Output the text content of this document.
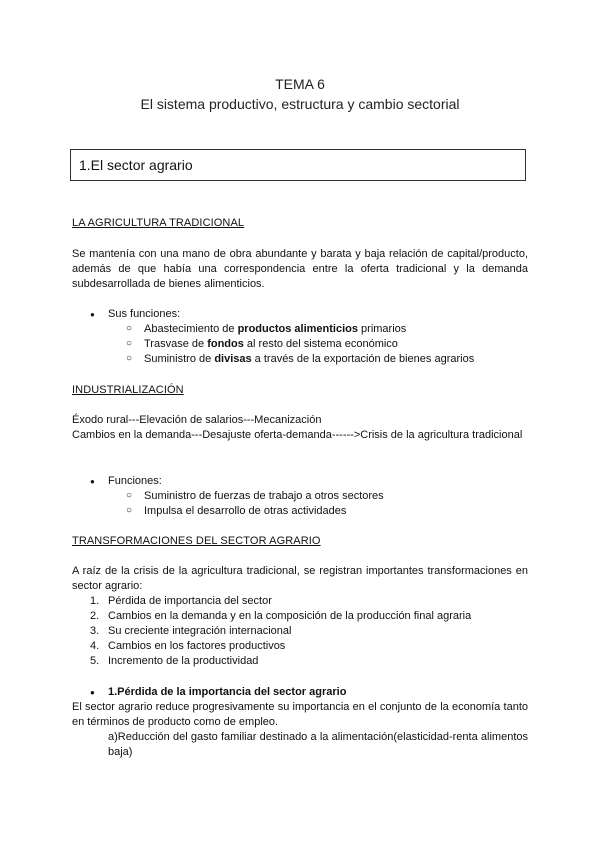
TEMA 6
El sistema productivo, estructura y cambio sectorial
1.El sector agrario
LA AGRICULTURA TRADICIONAL
Se mantenía con una mano de obra abundante y barata y baja relación de capital/producto, además de que había una correspondencia entre la oferta tradicional y la demanda subdesarrollada de bienes alimenticios.
● Sus funciones:
○ Abastecimiento de productos alimenticios primarios
○ Trasvase de fondos al resto del sistema económico
○ Suministro de divisas a través de la exportación de bienes agrarios
INDUSTRIALIZACIÓN
Éxodo rural---Elevación de salarios---Mecanización
Cambios en la demanda---Desajuste oferta-demanda------>Crisis de la agricultura tradicional
● Funciones:
○ Suministro de fuerzas de trabajo a otros sectores
○ Impulsa el desarrollo de otras actividades
TRANSFORMACIONES DEL SECTOR AGRARIO
A raíz de la crisis de la agricultura tradicional, se registran importantes transformaciones en sector agrario:
1. Pérdida de importancia del sector
2. Cambios en la demanda y en la composición de la producción final agraria
3. Su creciente integración internacional
4. Cambios en los factores productivos
5. Incremento de la productividad
● 1.Pérdida de la importancia del sector agrario
El sector agrario reduce progresivamente su importancia en el conjunto de la economía tanto en términos de producto como de empleo.
a)Reducción del gasto familiar destinado a la alimentación(elasticidad-renta alimentos baja)
